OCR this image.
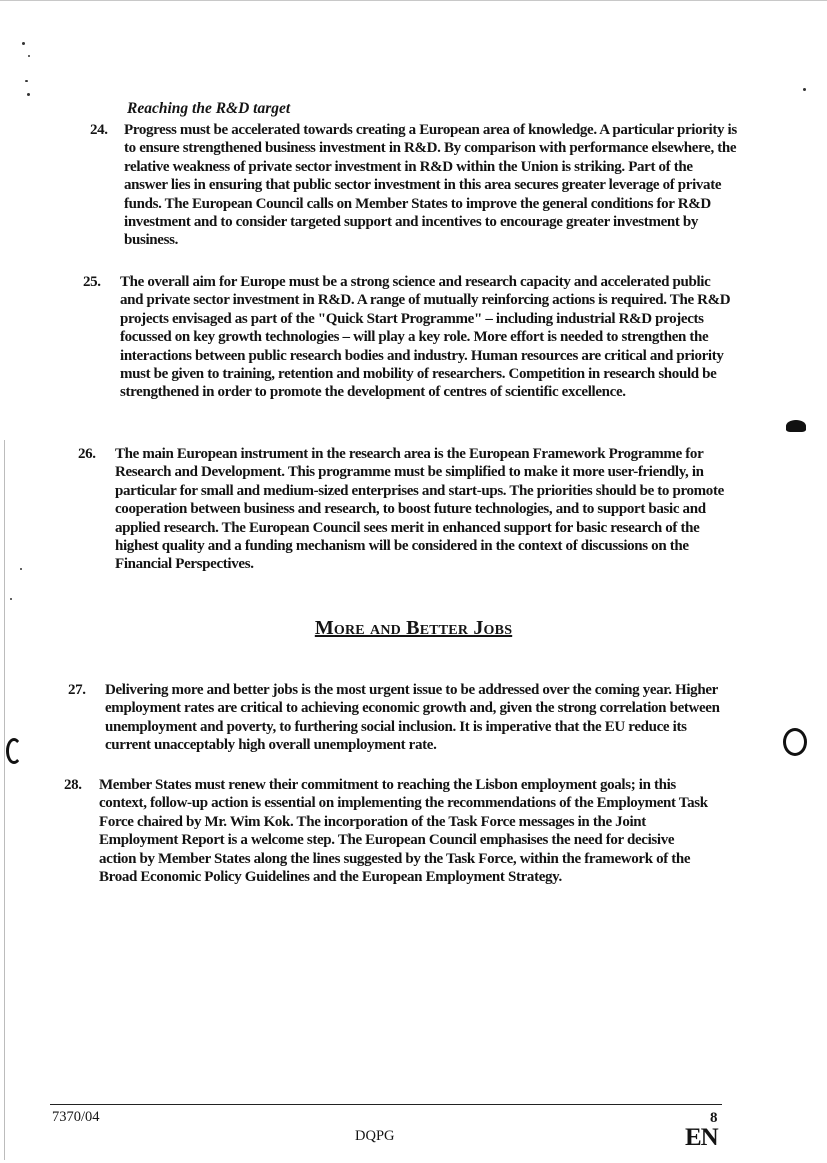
Reaching the R&D target
24. Progress must be accelerated towards creating a European area of knowledge. A particular priority is to ensure strengthened business investment in R&D. By comparison with performance elsewhere, the relative weakness of private sector investment in R&D within the Union is striking. Part of the answer lies in ensuring that public sector investment in this area secures greater leverage of private funds. The European Council calls on Member States to improve the general conditions for R&D investment and to consider targeted support and incentives to encourage greater investment by business.
25. The overall aim for Europe must be a strong science and research capacity and accelerated public and private sector investment in R&D. A range of mutually reinforcing actions is required. The R&D projects envisaged as part of the "Quick Start Programme" – including industrial R&D projects focussed on key growth technologies – will play a key role. More effort is needed to strengthen the interactions between public research bodies and industry. Human resources are critical and priority must be given to training, retention and mobility of researchers. Competition in research should be strengthened in order to promote the development of centres of scientific excellence.
26. The main European instrument in the research area is the European Framework Programme for Research and Development. This programme must be simplified to make it more user-friendly, in particular for small and medium-sized enterprises and start-ups. The priorities should be to promote cooperation between business and research, to boost future technologies, and to support basic and applied research. The European Council sees merit in enhanced support for basic research of the highest quality and a funding mechanism will be considered in the context of discussions on the Financial Perspectives.
More and Better Jobs
27. Delivering more and better jobs is the most urgent issue to be addressed over the coming year. Higher employment rates are critical to achieving economic growth and, given the strong correlation between unemployment and poverty, to furthering social inclusion. It is imperative that the EU reduce its current unacceptably high overall unemployment rate.
28. Member States must renew their commitment to reaching the Lisbon employment goals; in this context, follow-up action is essential on implementing the recommendations of the Employment Task Force chaired by Mr. Wim Kok. The incorporation of the Task Force messages in the Joint Employment Report is a welcome step. The European Council emphasises the need for decisive action by Member States along the lines suggested by the Task Force, within the framework of the Broad Economic Policy Guidelines and the European Employment Strategy.
7370/04	8
DQPG	EN
